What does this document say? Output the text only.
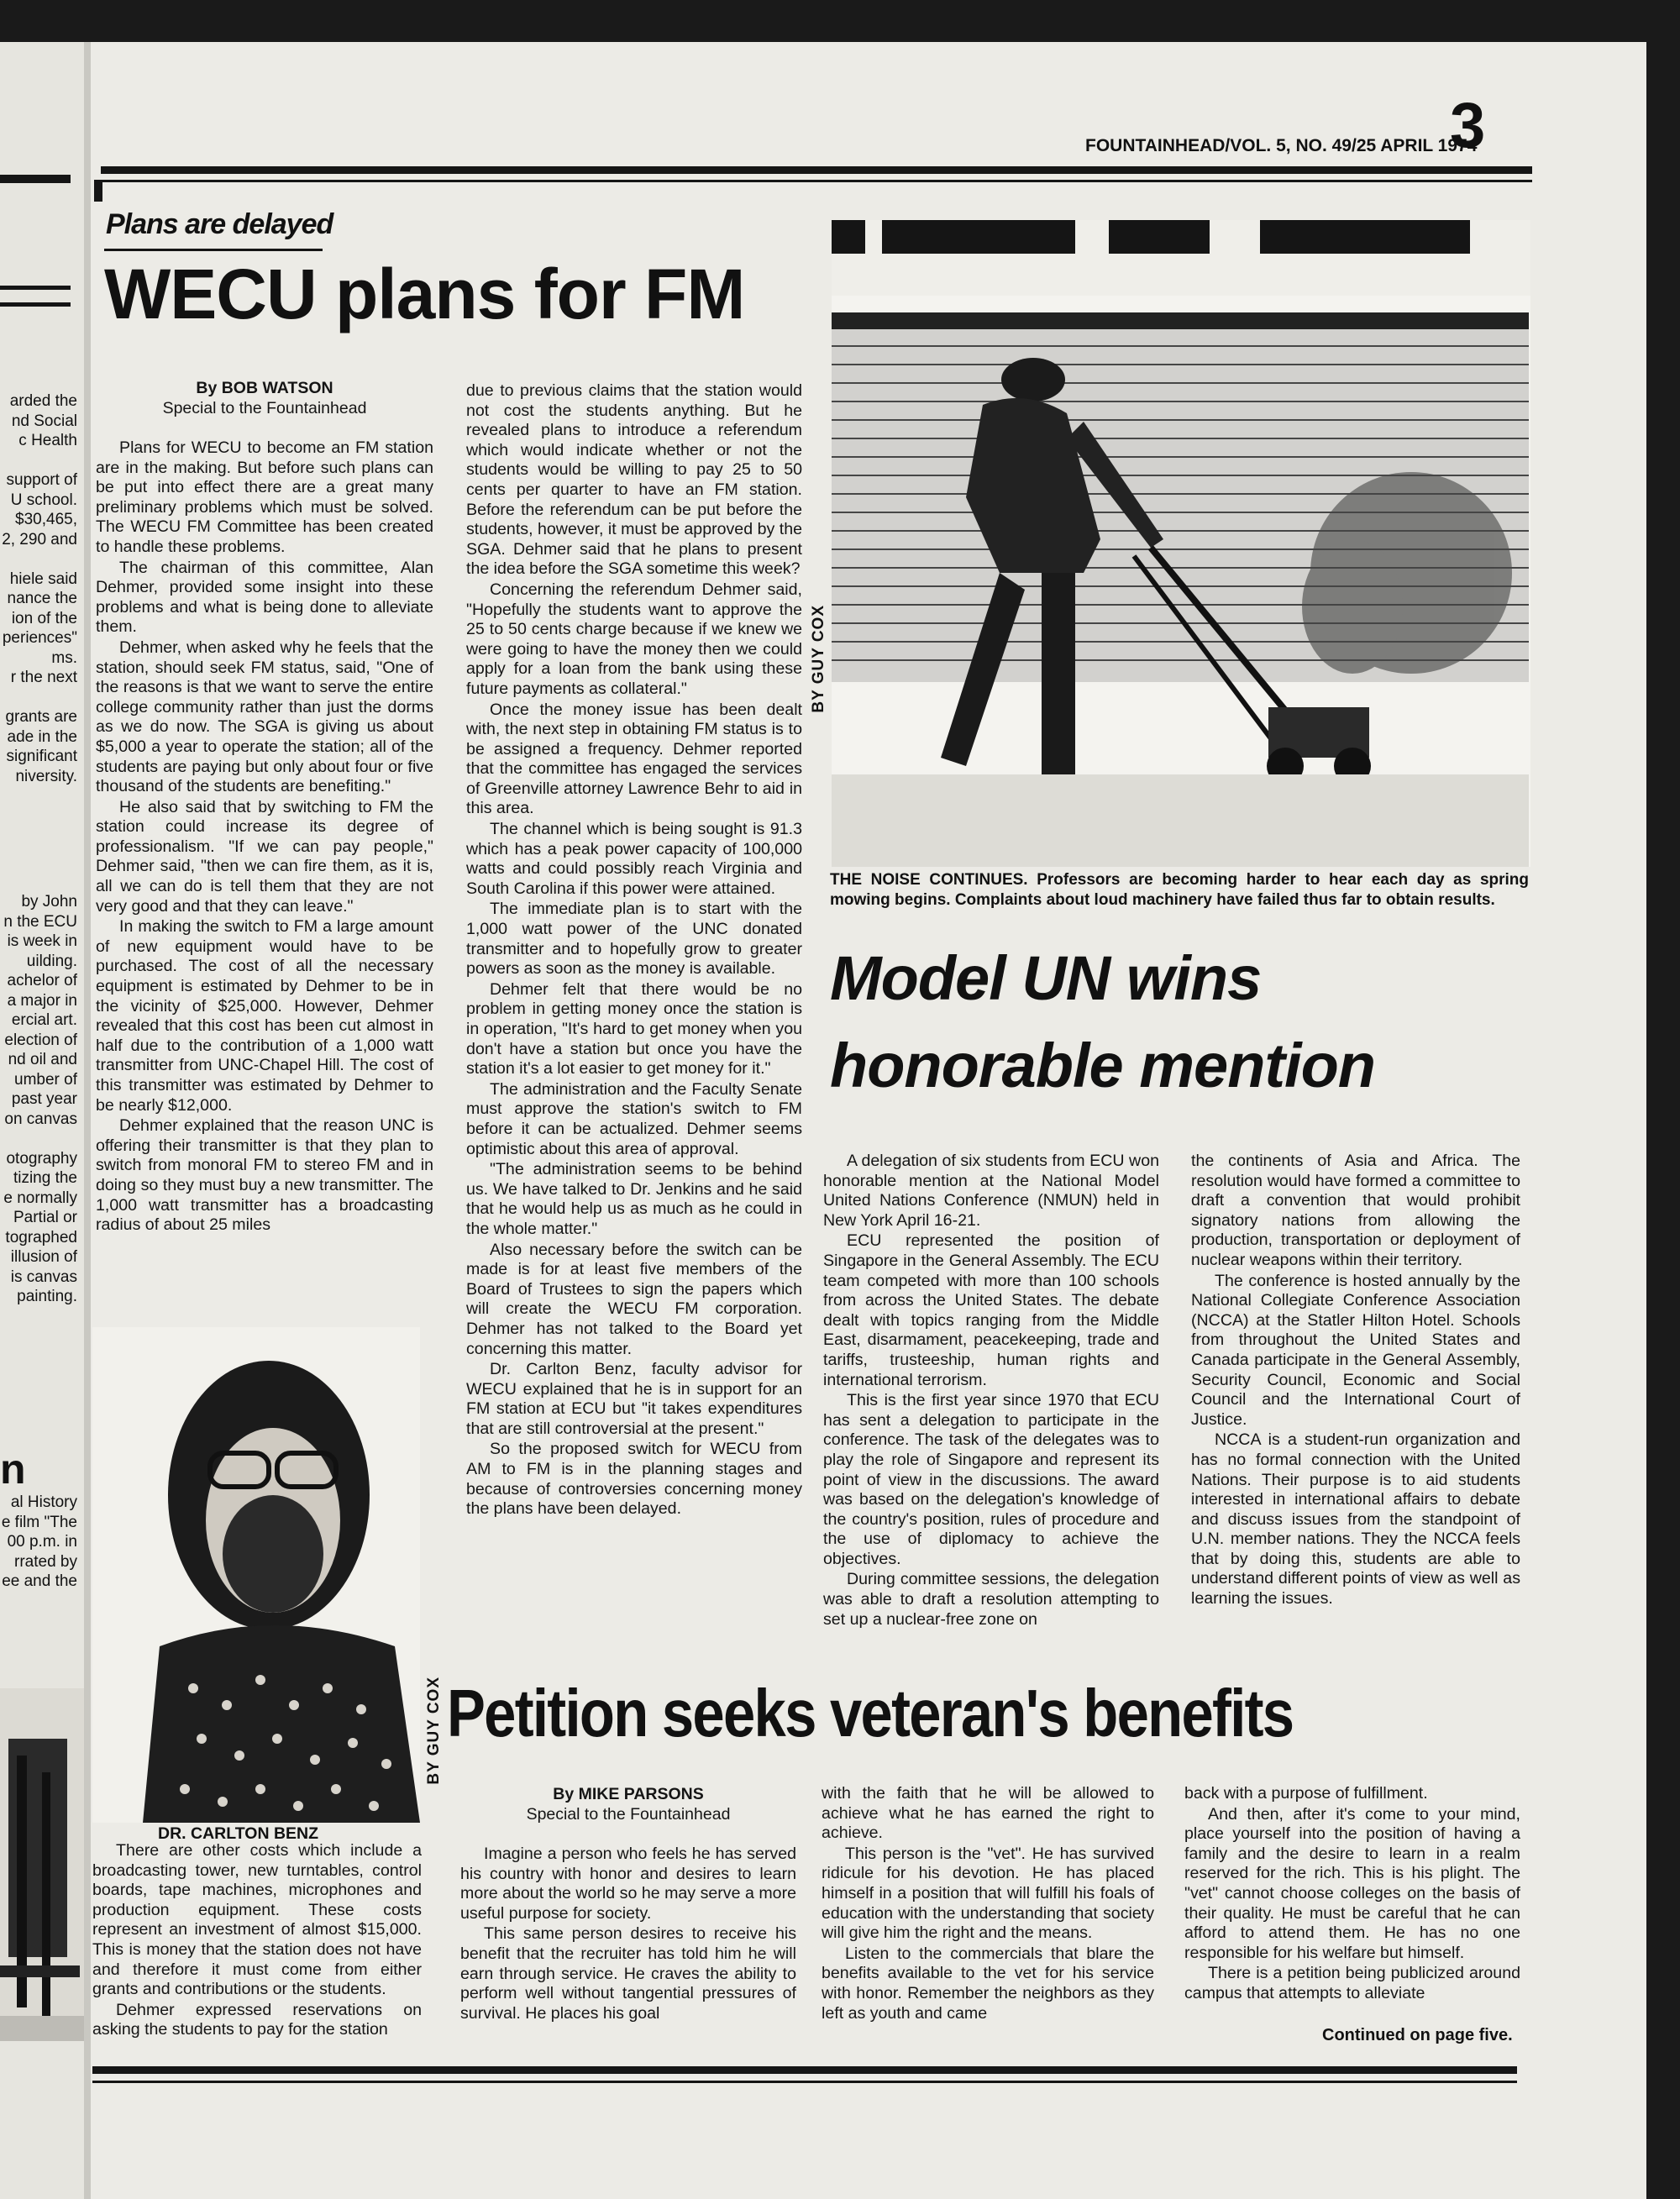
arded the
nd Social
c Health
support of
U school.
$30,465,
2, 290 and
hiele said
nance the
ion of the
periences"
ms.
r the next
grants are
ade in the
significant
niversity.
by John
n the ECU
is week in
uilding.
achelor of
a major in
ercial art.
election of
nd oil and
umber of
past year
on canvas
otography
tizing the
e normally
Partial or
tographed
illusion of
is canvas
painting.
n
al History
e film "The
00 p.m. in
rrated by
ee and the
FOUNTAINHEAD/VOL. 5, NO. 49/25 APRIL 1974
3
Plans are delayed
WECU plans for FM
By BOB WATSON
Special to the Fountainhead

Plans for WECU to become an FM station are in the making. But before such plans can be put into effect there are a great many preliminary problems which must be solved. The WECU FM Committee has been created to handle these problems.

The chairman of this committee, Alan Dehmer, provided some insight into these problems and what is being done to alleviate them.

Dehmer, when asked why he feels that the station, should seek FM status, said, "One of the reasons is that we want to serve the entire college community rather than just the dorms as we do now. The SGA is giving us about $5,000 a year to operate the station; all of the students are paying but only about four or five thousand of the students are benefiting."

He also said that by switching to FM the station could increase its degree of professionalism. "If we can pay people," Dehmer said, "then we can fire them, as it is, all we can do is tell them that they are not very good and that they can leave."

In making the switch to FM a large amount of new equipment would have to be purchased. The cost of all the necessary equipment is estimated by Dehmer to be in the vicinity of $25,000. However, Dehmer revealed that this cost has been cut almost in half due to the contribution of a 1,000 watt transmitter from UNC-Chapel Hill. The cost of this transmitter was estimated by Dehmer to be nearly $12,000.

Dehmer explained that the reason UNC is offering their transmitter is that they plan to switch from monoral FM to stereo FM and in doing so they must buy a new transmitter. The 1,000 watt transmitter has a broadcasting radius of about 25 miles

due to previous claims that the station would not cost the students anything. But he revealed plans to introduce a referendum which would indicate whether or not the students would be willing to pay 25 to 50 cents per quarter to have an FM station. Before the referendum can be put before the students, however, it must be approved by the SGA. Dehmer said that he plans to present the idea before the SGA sometime this week?

Concerning the referendum Dehmer said, "Hopefully the students want to approve the 25 to 50 cents charge because if we knew we were going to have the money then we could apply for a loan from the bank using these future payments as collateral."

Once the money issue has been dealt with, the next step in obtaining FM status is to be assigned a frequency. Dehmer reported that the committee has engaged the services of Greenville attorney Lawrence Behr to aid in this area.

The channel which is being sought is 91.3 which has a peak power capacity of 100,000 watts and could possibly reach Virginia and South Carolina if this power were attained.

The immediate plan is to start with the 1,000 watt power of the UNC donated transmitter and to hopefully grow to greater powers as soon as the money is available.

Dehmer felt that there would be no problem in getting money once the station is in operation, "It's hard to get money when you don't have a station but once you have the station it's a lot easier to get money for it."

The administration and the Faculty Senate must approve the station's switch to FM before it can be actualized. Dehmer seems optimistic about this area of approval.

"The administration seems to be behind us. We have talked to Dr. Jenkins and he said that he would help us as much as he could in the whole matter."

Also necessary before the switch can be made is for at least five members of the Board of Trustees to sign the papers which will create the WECU FM corporation. Dehmer has not talked to the Board yet concerning this matter.

Dr. Carlton Benz, faculty advisor for WECU explained that he is in support for an FM station at ECU but "it takes expenditures that are still controversial at the present."

So the proposed switch for WECU from AM to FM is in the planning stages and because of controversies concerning money the plans have been delayed.

BY GUY COX
DR. CARLTON BENZ

There are other costs which include a broadcasting tower, new turntables, control boards, tape machines, microphones and production equipment. These costs represent an investment of almost $15,000. This is money that the station does not have and therefore it must come from either grants and contributions or the students.

Dehmer expressed reservations on asking the students to pay for the station

BY GUY COX
THE NOISE CONTINUES. Professors are becoming harder to hear each day as spring mowing begins. Complaints about loud machinery have failed thus far to obtain results.
Model UN wins honorable mention

A delegation of six students from ECU won honorable mention at the National Model United Nations Conference (NMUN) held in New York April 16-21.

ECU represented the position of Singapore in the General Assembly. The ECU team competed with more than 100 schools from across the United States. The debate dealt with topics ranging from the Middle East, disarmament, peacekeeping, trade and tariffs, trusteeship, human rights and international terrorism.

This is the first year since 1970 that ECU has sent a delegation to participate in the conference. The task of the delegates was to play the role of Singapore and represent its point of view in the discussions. The award was based on the delegation's knowledge of the country's position, rules of procedure and the use of diplomacy to achieve the objectives.

During committee sessions, the delegation was able to draft a resolution attempting to set up a nuclear-free zone on

the continents of Asia and Africa. The resolution would have formed a committee to draft a convention that would prohibit signatory nations from allowing the production, transportation or deployment of nuclear weapons within their territory.

The conference is hosted annually by the National Collegiate Conference Association (NCCA) at the Statler Hilton Hotel. Schools from throughout the United States and Canada participate in the General Assembly, Security Council, Economic and Social Council and the International Court of Justice.

NCCA is a student-run organization and has no formal connection with the United Nations. Their purpose is to aid students interested in international affairs to debate and discuss issues from the standpoint of U.N. member nations. They the NCCA feels that by doing this, students are able to understand different points of view as well as learning the issues.

Petition seeks veteran's benefits
By MIKE PARSONS
Special to the Fountainhead

Imagine a person who feels he has served his country with honor and desires to learn more about the world so he may serve a more useful purpose for society.

This same person desires to receive his benefit that the recruiter has told him he will earn through service. He craves the ability to perform well without tangential pressures of survival. He places his goal

with the faith that he will be allowed to achieve what he has earned the right to achieve.

This person is the "vet". He has survived ridicule for his devotion. He has placed himself in a position that will fulfill his foals of education with the understanding that society will give him the right and the means.

Listen to the commercials that blare the benefits available to the vet for his service with honor. Remember the neighbors as they left as youth and came

back with a purpose of fulfillment.

And then, after it's come to your mind, place yourself into the position of having a family and the desire to learn in a realm reserved for the rich. This is his plight. The "vet" cannot choose colleges on the basis of their quality. He must be careful that he can afford to attend them. He has no one responsible for his welfare but himself.

There is a petition being publicized around campus that attempts to alleviate

Continued on page five.
